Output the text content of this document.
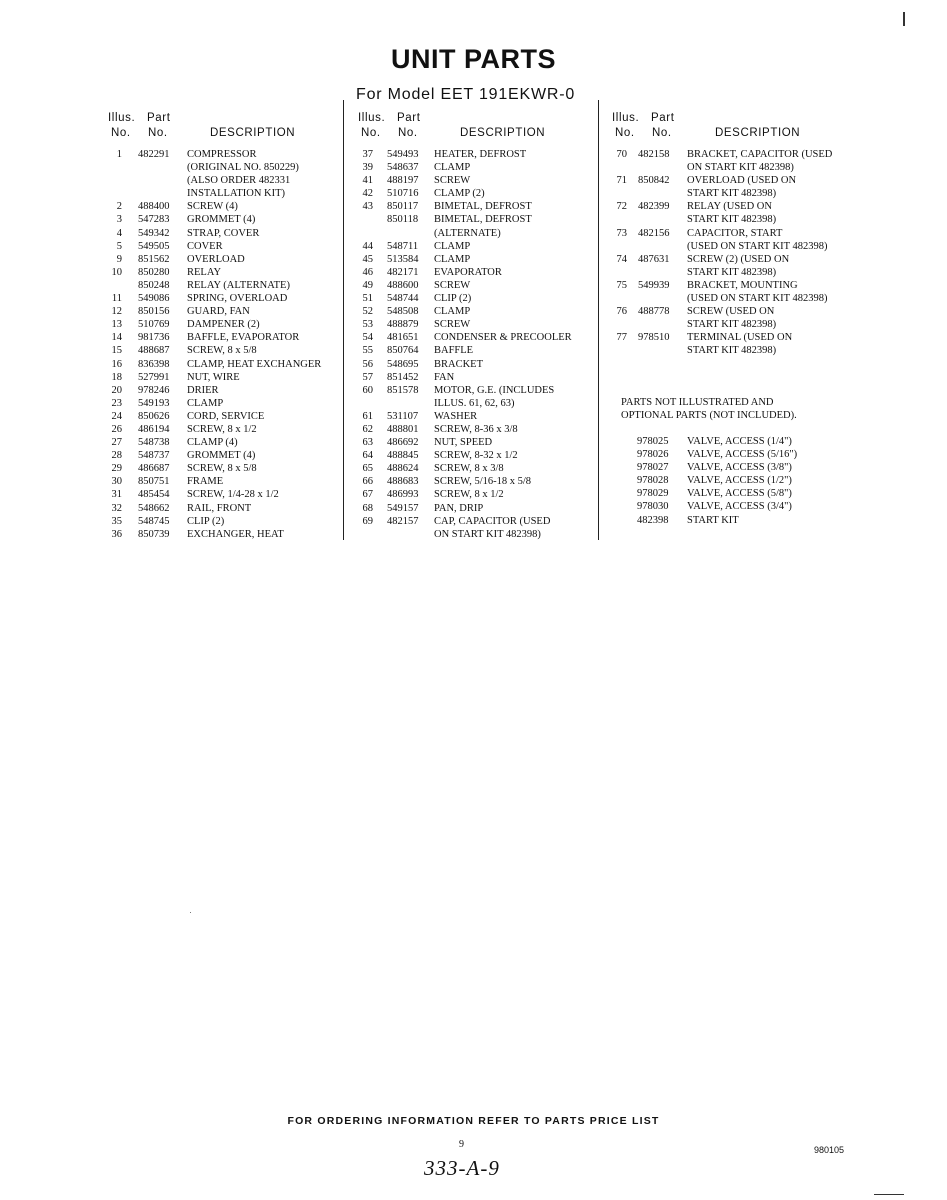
UNIT PARTS
For Model EET 191EKWR-0
Illus.
No.
Part
No.	DESCRIPTION
1 482291 COMPRESSOR
(ORIGINAL NO. 850229)
(ALSO ORDER 482331
INSTALLATION KIT)
2 488400 SCREW (4)
3 547283 GROMMET (4)
4 549342 STRAP, COVER
5 549505 COVER
9 851562 OVERLOAD
10 850280 RELAY
850248 RELAY (ALTERNATE)
11 549086 SPRING, OVERLOAD
12 850156 GUARD, FAN
13 510769 DAMPENER (2)
14 981736 BAFFLE, EVAPORATOR
15 488687 SCREW, 8 x 5/8
16 836398 CLAMP, HEAT EXCHANGER
18 527991 NUT, WIRE
20 978246 DRIER
23 549193 CLAMP
24 850626 CORD, SERVICE
26 486194 SCREW, 8 x 1/2
27 548738 CLAMP (4)
28 548737 GROMMET (4)
29 486687 SCREW, 8 x 5/8
30 850751 FRAME
31 485454 SCREW, 1/4-28 x 1/2
32 548662 RAIL, FRONT
35 548745 CLIP (2)
36 850739 EXCHANGER, HEAT
Illus.
No.
Part
No.	DESCRIPTION
37 549493 HEATER, DEFROST
39 548637 CLAMP
41 488197 SCREW
42 510716 CLAMP (2)
43 850117 BIMETAL, DEFROST
850118 BIMETAL, DEFROST
(ALTERNATE)
44 548711 CLAMP
45 513584 CLAMP
46 482171 EVAPORATOR
49 488600 SCREW
51 548744 CLIP (2)
52 548508 CLAMP
53 488879 SCREW
54 481651 CONDENSER & PRECOOLER
55 850764 BAFFLE
56 548695 BRACKET
57 851452 FAN
60 851578 MOTOR, G.E. (INCLUDES
ILLUS. 61, 62, 63)
61 531107 WASHER
62 488801 SCREW, 8-36 x 3/8
63 486692 NUT, SPEED
64 488845 SCREW, 8-32 x 1/2
65 488624 SCREW, 8 x 3/8
66 488683 SCREW, 5/16-18 x 5/8
67 486993 SCREW, 8 x 1/2
68 549157 PAN, DRIP
69 482157 CAP, CAPACITOR (USED
ON START KIT 482398)
Illus.
No.
Part
No.	DESCRIPTION
70 482158 BRACKET, CAPACITOR (USED
ON START KIT 482398)
71 850842 OVERLOAD (USED ON
START KIT 482398)
72 482399 RELAY (USED ON
START KIT 482398)
73 482156 CAPACITOR, START
(USED ON START KIT 482398)
74 487631 SCREW (2) (USED ON
START KIT 482398)
75 549939 BRACKET, MOUNTING
(USED ON START KIT 482398)
76 488778 SCREW (USED ON
START KIT 482398)
77 978510 TERMINAL (USED ON
START KIT 482398)
PARTS NOT ILLUSTRATED AND
OPTIONAL PARTS (NOT INCLUDED).
978025 VALVE, ACCESS (1/4")
978026 VALVE, ACCESS (5/16")
978027 VALVE, ACCESS (3/8")
978028 VALVE, ACCESS (1/2")
978029 VALVE, ACCESS (5/8")
978030 VALVE, ACCESS (3/4")
482398 START KIT
FOR ORDERING INFORMATION REFER TO PARTS PRICE LIST
9	980105
333-A-9
